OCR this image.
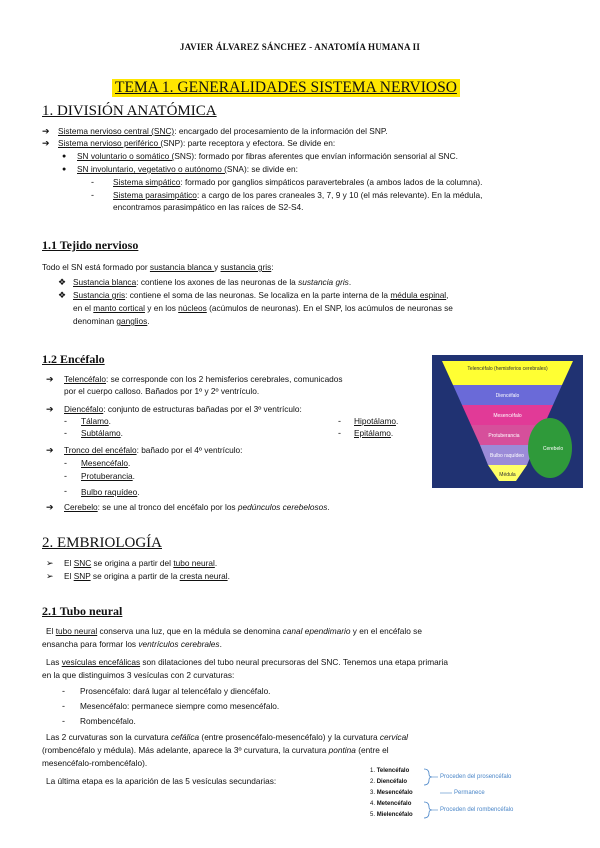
JAVIER ÁLVAREZ SÁNCHEZ - ANATOMÍA HUMANA II
TEMA 1. GENERALIDADES SISTEMA NERVIOSO
1. DIVISIÓN ANATÓMICA
➔ Sistema nervioso central (SNC): encargado del procesamiento de la información del SNP.
➔ Sistema nervioso periférico (SNP): parte receptora y efectora. Se divide en:
● SN voluntario o somático (SNS): formado por fibras aferentes que envían información sensorial al SNC.
● SN involuntario, vegetativo o autónomo (SNA): se divide en:
- Sistema simpático: formado por ganglios simpáticos paravertebrales (a ambos lados de la columna).
- Sistema parasimpático: a cargo de los pares craneales 3, 7, 9 y 10 (el más relevante). En la médula,
encontramos parasimpático en las raíces de S2-S4.
1.1 Tejido nervioso
Todo el SN está formado por sustancia blanca y sustancia gris:
❖ Sustancia blanca: contiene los axones de las neuronas de la sustancia gris.
❖ Sustancia gris: contiene el soma de las neuronas. Se localiza en la parte interna de la médula espinal,
en el manto cortical y en los núcleos (acúmulos de neuronas). En el SNP, los acúmulos de neuronas se
denominan ganglios.
1.2 Encéfalo
➔ Telencéfalo: se corresponde con los 2 hemisferios cerebrales, comunicados
por el cuerpo calloso. Bañados por 1º y 2º ventrículo.
➔ Diencéfalo: conjunto de estructuras bañadas por el 3º ventrículo:
- Tálamo.
- Subtálamo.
- Hipotálamo.
- Epitálamo.
➔ Tronco del encéfalo: bañado por el 4º ventrículo:
- Mesencéfalo.
- Protuberancia.
- Bulbo raquídeo.
➔ Cerebelo: se une al tronco del encéfalo por los pedúnculos cerebelosos.
Telencéfalo (hemisferios cerebrales)
Diencéfalo
Mesencéfalo
Protuberancia
Bulbo raquídeo
Médula
Cerebelo
2. EMBRIOLOGÍA
➢ El SNC se origina a partir del tubo neural.
➢ El SNP se origina a partir de la cresta neural.
2.1 Tubo neural
El tubo neural conserva una luz, que en la médula se denomina canal ependimario y en el encéfalo se
ensancha para formar los ventrículos cerebrales.
Las vesículas encefálicas son dilataciones del tubo neural precursoras del SNC. Tenemos una etapa primaria
en la que distinguimos 3 vesículas con 2 curvaturas:
- Prosencéfalo: dará lugar al telencéfalo y diencéfalo.
- Mesencéfalo: permanece siempre como mesencéfalo.
- Rombencéfalo.
Las 2 curvaturas son la curvatura cefálica (entre prosencéfalo-mesencéfalo) y la curvatura cervical
(rombencéfalo y médula). Más adelante, aparece la 3º curvatura, la curvatura pontina (entre el
mesencéfalo-rombencéfalo).
La última etapa es la aparición de las 5 vesículas secundarias:
1. Telencéfalo
2. Diencéfalo
3. Mesencéfalo
4. Metencéfalo
5. Mielencéfalo
Proceden del prosencéfalo
Permanece
Proceden del rombencéfalo
